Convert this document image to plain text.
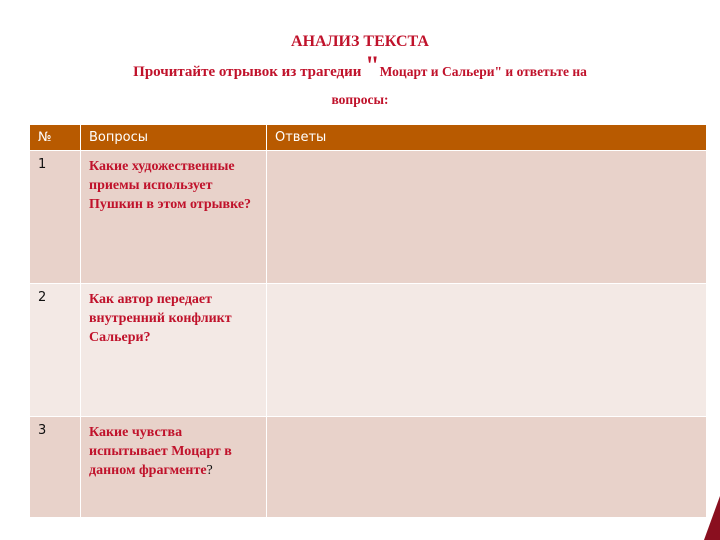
АНАЛИЗ ТЕКСТА
Прочитайте отрывок из трагедии "Моцарт и Сальери" и ответьте на
вопросы:
№	Вопросы	Ответы
1	Какие художественные приемы использует Пушкин в этом отрывке?	
2	Как автор передает внутренний конфликт Сальери?	
3	Какие чувства испытывает Моцарт в данном фрагменте?	
